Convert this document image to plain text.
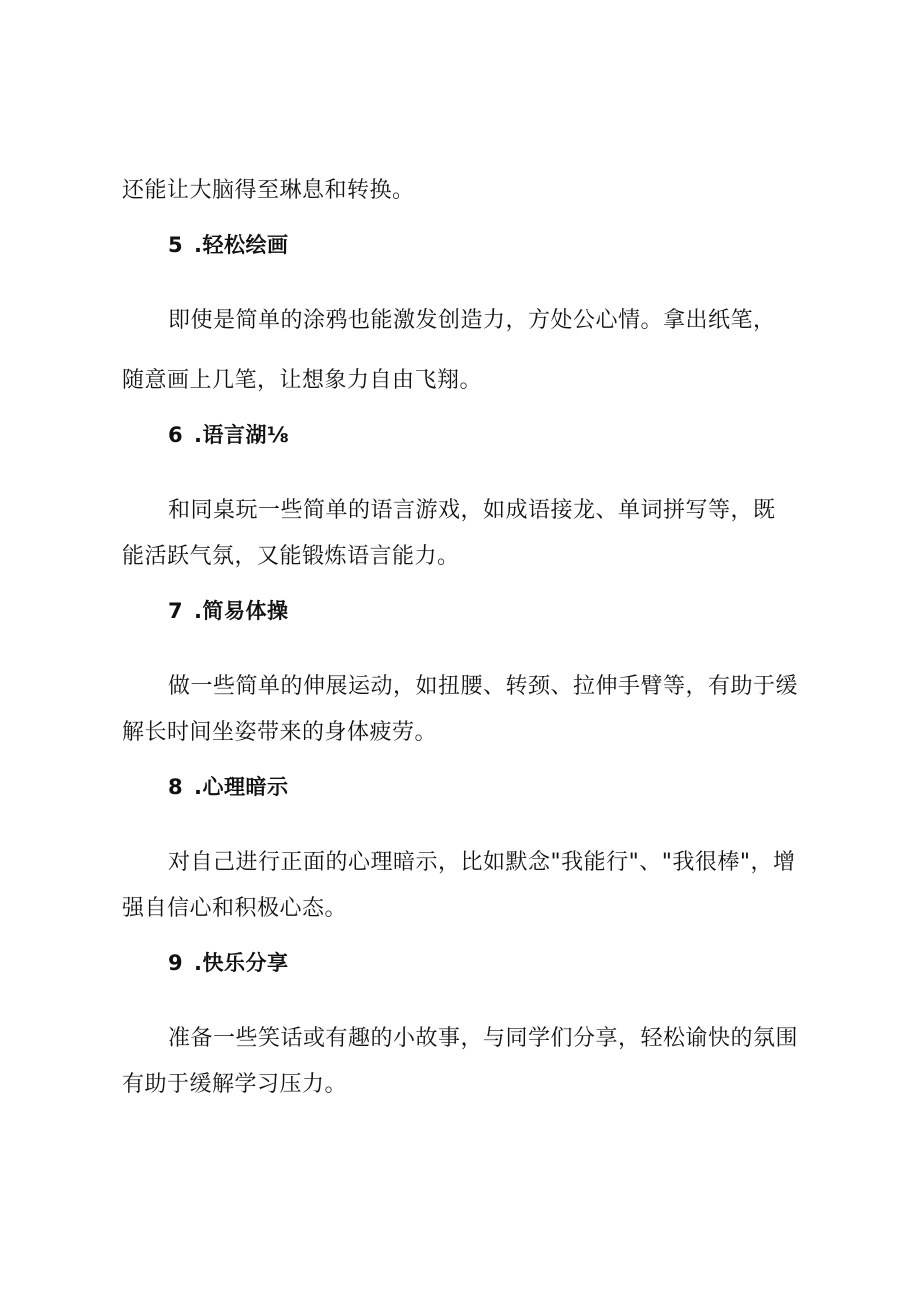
还能让大脑得至琳息和转换。
5 .轻松绘画
即使是简单的涂鸦也能激发创造力，方处公心情。拿出纸笔，
随意画上几笔，让想象力自由飞翔。
6 .语言湖⅛
和同桌玩一些简单的语言游戏，如成语接龙、单词拼写等，既
能活跃气氛，又能锻炼语言能力。
7 .简易体操
做一些简单的伸展运动，如扭腰、转颈、拉伸手臂等，有助于缓
解长时间坐姿带来的身体疲劳。
8 .心理暗示
对自己进行正面的心理暗示，比如默念"我能行"、"我很棒"，增
强自信心和积极心态。
9 .快乐分享
准备一些笑话或有趣的小故事，与同学们分享，轻松谕快的氛围
有助于缓解学习压力。
